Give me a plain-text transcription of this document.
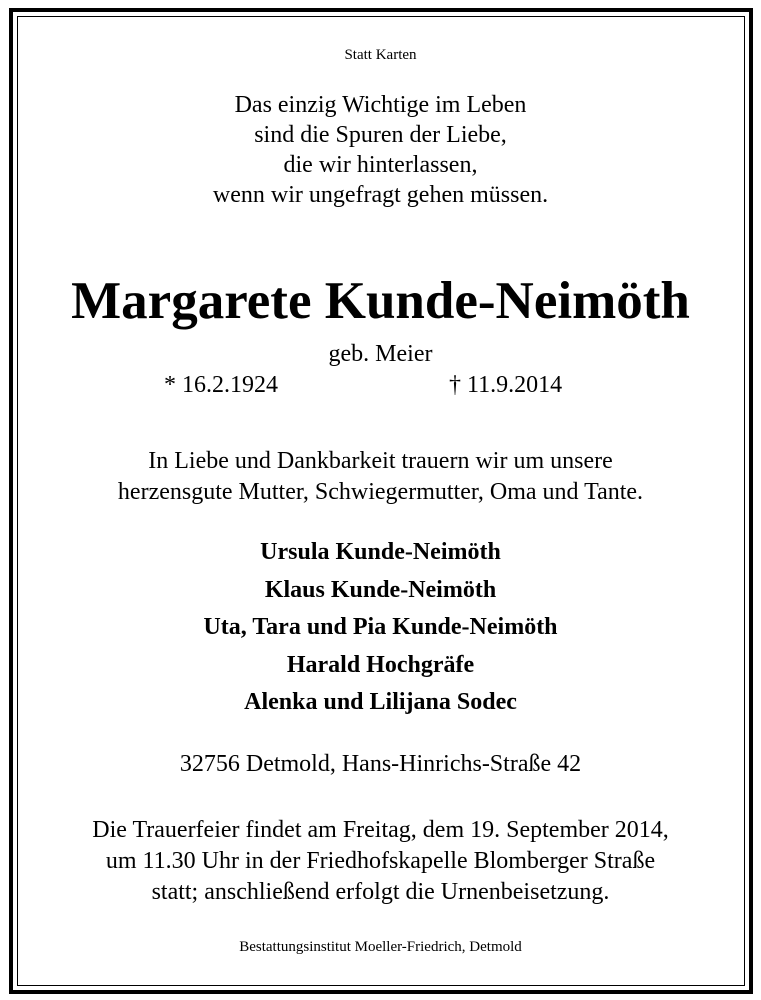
Statt Karten
Das einzig Wichtige im Leben
sind die Spuren der Liebe,
die wir hinterlassen,
wenn wir ungefragt gehen müssen.
Margarete Kunde-Neimöth
geb. Meier
* 16.2.1924	† 11.9.2014
In Liebe und Dankbarkeit trauern wir um unsere
herzensgute Mutter, Schwiegermutter, Oma und Tante.
Ursula Kunde-Neimöth
Klaus Kunde-Neimöth
Uta, Tara und Pia Kunde-Neimöth
Harald Hochgräfe
Alenka und Lilijana Sodec
32756 Detmold, Hans-Hinrichs-Straße 42
Die Trauerfeier findet am Freitag, dem 19. September 2014,
um 11.30 Uhr in der Friedhofskapelle Blomberger Straße
statt; anschließend erfolgt die Urnenbeisetzung.
Bestattungsinstitut Moeller-Friedrich, Detmold
